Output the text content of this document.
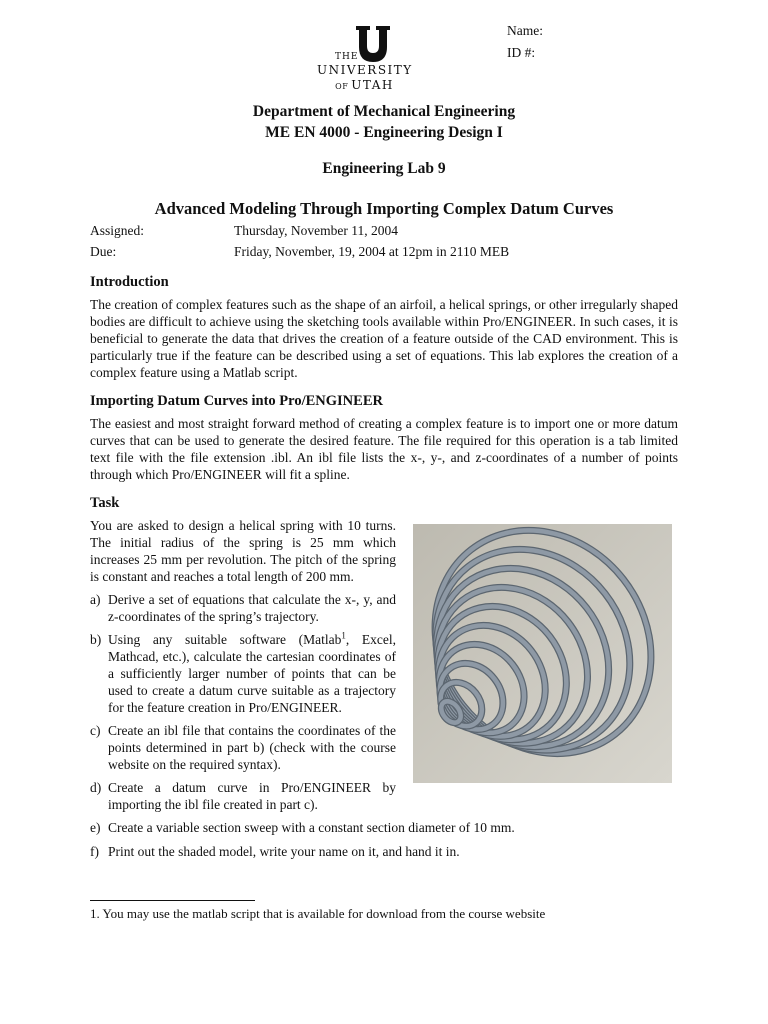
Name:
ID #:
THE
UNIVERSITY
OF UTAH
Department of Mechanical Engineering
ME EN 4000 - Engineering Design I
Engineering Lab 9
Advanced Modeling Through Importing Complex Datum Curves
Assigned:	Thursday, November 11, 2004
Due:	Friday, November, 19, 2004 at 12pm in 2110 MEB
Introduction
The creation of complex features such as the shape of an airfoil, a helical springs, or other irregularly shaped bodies are difficult to achieve using the sketching tools available within Pro/ENGINEER. In such cases, it is beneficial to generate the data that drives the creation of a feature outside of the CAD environment. This is particularly true if the feature can be described using a set of equations. This lab explores the creation of a complex feature using a Matlab script.
Importing Datum Curves into Pro/ENGINEER
The easiest and most straight forward method of creating a complex feature is to import one or more datum curves that can be used to generate the desired feature. The file required for this operation is a tab limited text file with the file extension .ibl. An ibl file lists the x-, y-, and z-coordinates of a number of points through which Pro/ENGINEER will fit a spline.
Task
You are asked to design a helical spring with 10 turns. The initial radius of the spring is 25 mm which increases 25 mm per revolution. The pitch of the spring is constant and reaches a total length of 200 mm.
a) Derive a set of equations that calculate the x-, y, and z-coordinates of the spring’s trajectory.
b) Using any suitable software (Matlab$^1$, Excel, Mathcad, etc.), calculate the cartesian coordinates of a sufficiently larger number of points that can be used to create a datum curve suitable as a trajectory for the feature creation in Pro/ENGINEER.
c) Create an ibl file that contains the coordinates of the points determined in part b) (check with the course website on the required syntax).
d) Create a datum curve in Pro/ENGINEER by importing the ibl file created in part c).
e) Create a variable section sweep with a constant section diameter of 10 mm.
f) Print out the shaded model, write your name on it, and hand it in.
1. You may use the matlab script that is available for download from the course website
